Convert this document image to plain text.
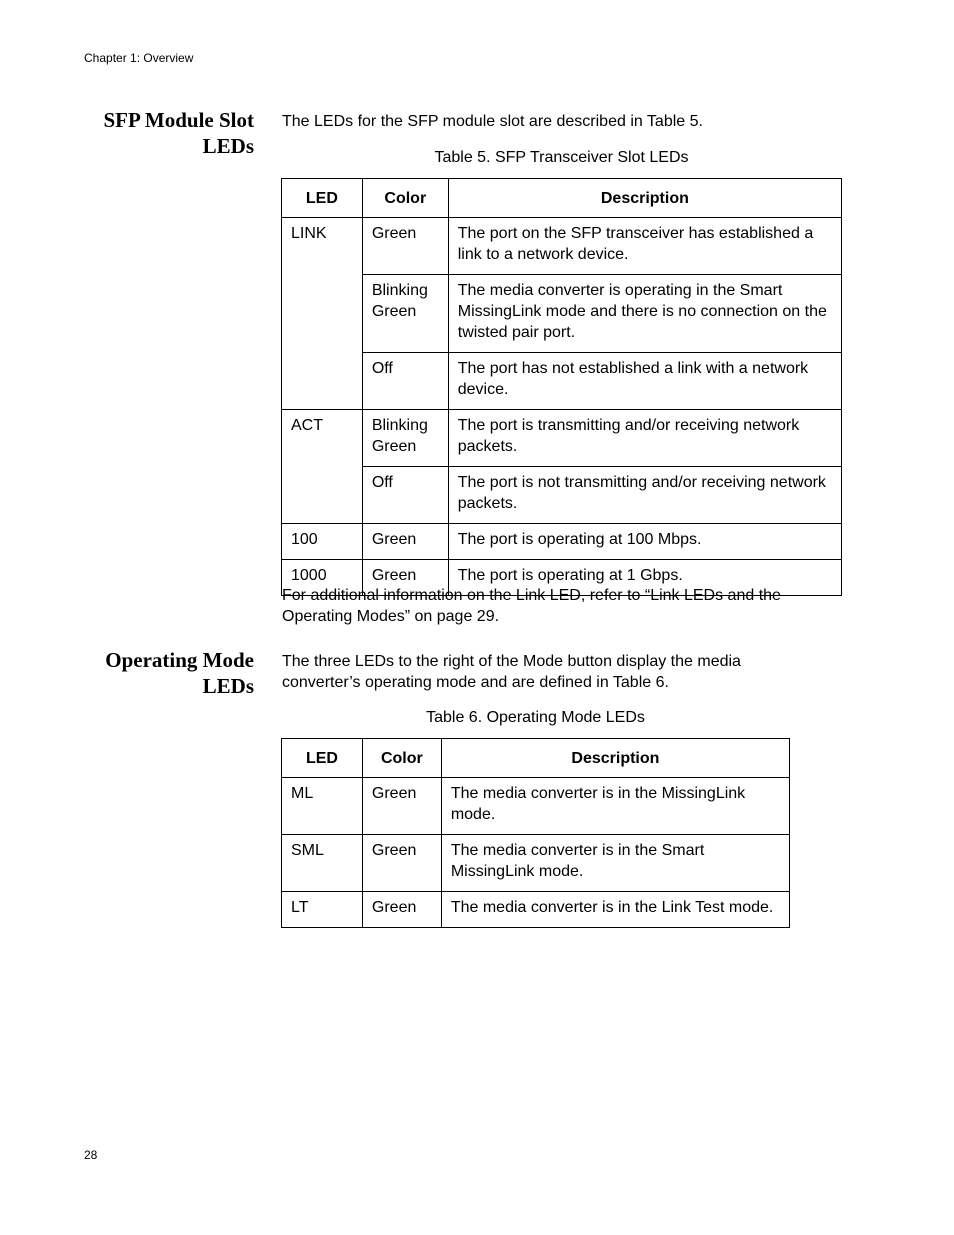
Chapter 1: Overview
SFP Module Slot
LEDs
The LEDs for the SFP module slot are described in Table 5.
Table 5. SFP Transceiver Slot LEDs
LED	Color	Description
LINK	Green	The port on the SFP transceiver has established a link to a network device.
	Blinking Green	The media converter is operating in the Smart MissingLink mode and there is no connection on the twisted pair port.
	Off	The port has not established a link with a network device.
ACT	Blinking Green	The port is transmitting and/or receiving network packets.
	Off	The port is not transmitting and/or receiving network packets.
100	Green	The port is operating at 100 Mbps.
1000	Green	The port is operating at 1 Gbps.
For additional information on the Link LED, refer to “Link LEDs and the Operating Modes” on page 29.
Operating Mode
LEDs
The three LEDs to the right of the Mode button display the media converter’s operating mode and are defined in Table 6.
Table 6. Operating Mode LEDs
LED	Color	Description
ML	Green	The media converter is in the MissingLink mode.
SML	Green	The media converter is in the Smart MissingLink mode.
LT	Green	The media converter is in the Link Test mode.
28
